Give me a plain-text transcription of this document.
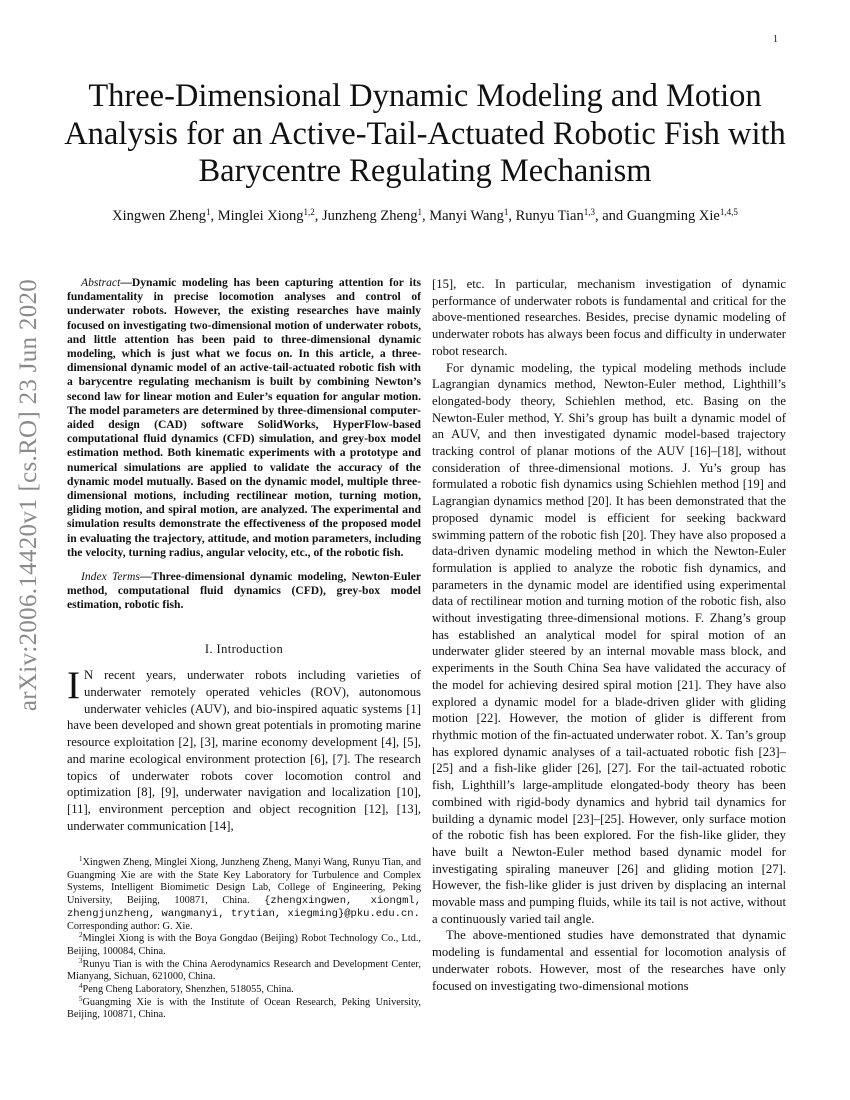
1
arXiv:2006.14420v1 [cs.RO] 23 Jun 2020
Three-Dimensional Dynamic Modeling and Motion Analysis for an Active-Tail-Actuated Robotic Fish with Barycentre Regulating Mechanism
Xingwen Zheng$^1$, Minglei Xiong$^{1,2}$, Junzheng Zheng$^1$, Manyi Wang$^1$, Runyu Tian$^{1,3}$, and Guangming Xie$^{1,4,5}$

Abstract—Dynamic modeling has been capturing attention for its fundamentality in precise locomotion analyses and control of underwater robots. However, the existing researches have mainly focused on investigating two-dimensional motion of underwater robots, and little attention has been paid to three-dimensional dynamic modeling, which is just what we focus on. In this article, a three-dimensional dynamic model of an active-tail-actuated robotic fish with a barycentre regulating mechanism is built by combining Newton’s second law for linear motion and Euler’s equation for angular motion. The model parameters are determined by three-dimensional computer-aided design (CAD) software SolidWorks, HyperFlow-based computational fluid dynamics (CFD) simulation, and grey-box model estimation method. Both kinematic experiments with a prototype and numerical simulations are applied to validate the accuracy of the dynamic model mutually. Based on the dynamic model, multiple three-dimensional motions, including rectilinear motion, turning motion, gliding motion, and spiral motion, are analyzed. The experimental and simulation results demonstrate the effectiveness of the proposed model in evaluating the trajectory, attitude, and motion parameters, including the velocity, turning radius, angular velocity, etc., of the robotic fish.

Index Terms—Three-dimensional dynamic modeling, Newton-Euler method, computational fluid dynamics (CFD), grey-box model estimation, robotic fish.

I. Introduction

I N recent years, underwater robots including varieties of underwater remotely operated vehicles (ROV), autonomous underwater vehicles (AUV), and bio-inspired aquatic systems [1] have been developed and shown great potentials in promoting marine resource exploitation [2], [3], marine economy development [4], [5], and marine ecological environment protection [6], [7]. The research topics of underwater robots cover locomotion control and optimization [8], [9], underwater navigation and localization [10], [11], environment perception and object recognition [12], [13], underwater communication [14],

[15], etc. In particular, mechanism investigation of dynamic performance of underwater robots is fundamental and critical for the above-mentioned researches. Besides, precise dynamic modeling of underwater robots has always been focus and difficulty in underwater robot research.

For dynamic modeling, the typical modeling methods include Lagrangian dynamics method, Newton-Euler method, Lighthill’s elongated-body theory, Schiehlen method, etc. Basing on the Newton-Euler method, Y. Shi’s group has built a dynamic model of an AUV, and then investigated dynamic model-based trajectory tracking control of planar motions of the AUV [16]–[18], without consideration of three-dimensional motions. J. Yu’s group has formulated a robotic fish dynamics using Schiehlen method [19] and Lagrangian dynamics method [20]. It has been demonstrated that the proposed dynamic model is efficient for seeking backward swimming pattern of the robotic fish [20]. They have also proposed a data-driven dynamic modeling method in which the Newton-Euler formulation is applied to analyze the robotic fish dynamics, and parameters in the dynamic model are identified using experimental data of rectilinear motion and turning motion of the robotic fish, also without investigating three-dimensional motions. F. Zhang’s group has established an analytical model for spiral motion of an underwater glider steered by an internal movable mass block, and experiments in the South China Sea have validated the accuracy of the model for achieving desired spiral motion [21]. They have also explored a dynamic model for a blade-driven glider with gliding motion [22]. However, the motion of glider is different from rhythmic motion of the fin-actuated underwater robot. X. Tan’s group has explored dynamic analyses of a tail-actuated robotic fish [23]–[25] and a fish-like glider [26], [27]. For the tail-actuated robotic fish, Lighthill’s large-amplitude elongated-body theory has been combined with rigid-body dynamics and hybrid tail dynamics for building a dynamic model [23]–[25]. However, only surface motion of the robotic fish has been explored. For the fish-like glider, they have built a Newton-Euler method based dynamic model for investigating spiraling maneuver [26] and gliding motion [27]. However, the fish-like glider is just driven by displacing an internal movable mass and pumping fluids, while its tail is not active, without a continuously varied tail angle.

The above-mentioned studies have demonstrated that dynamic modeling is fundamental and essential for locomotion analysis of underwater robots. However, most of the researches have only focused on investigating two-dimensional motions

$^1$Xingwen Zheng, Minglei Xiong, Junzheng Zheng, Manyi Wang, Runyu Tian, and Guangming Xie are with the State Key Laboratory for Turbulence and Complex Systems, Intelligent Biomimetic Design Lab, College of Engineering, Peking University, Beijing, 100871, China. {zhengxingwen, xiongml, zhengjunzheng, wangmanyi, trytian, xiegming}@pku.edu.cn.
Corresponding author: G. Xie.

$^2$Minglei Xiong is with the Boya Gongdao (Beijing) Robot Technology Co., Ltd., Beijing, 100084, China.

$^3$Runyu Tian is with the China Aerodynamics Research and Development Center, Mianyang, Sichuan, 621000, China.

$^4$Peng Cheng Laboratory, Shenzhen, 518055, China.

$^5$Guangming Xie is with the Institute of Ocean Research, Peking University, Beijing, 100871, China.
